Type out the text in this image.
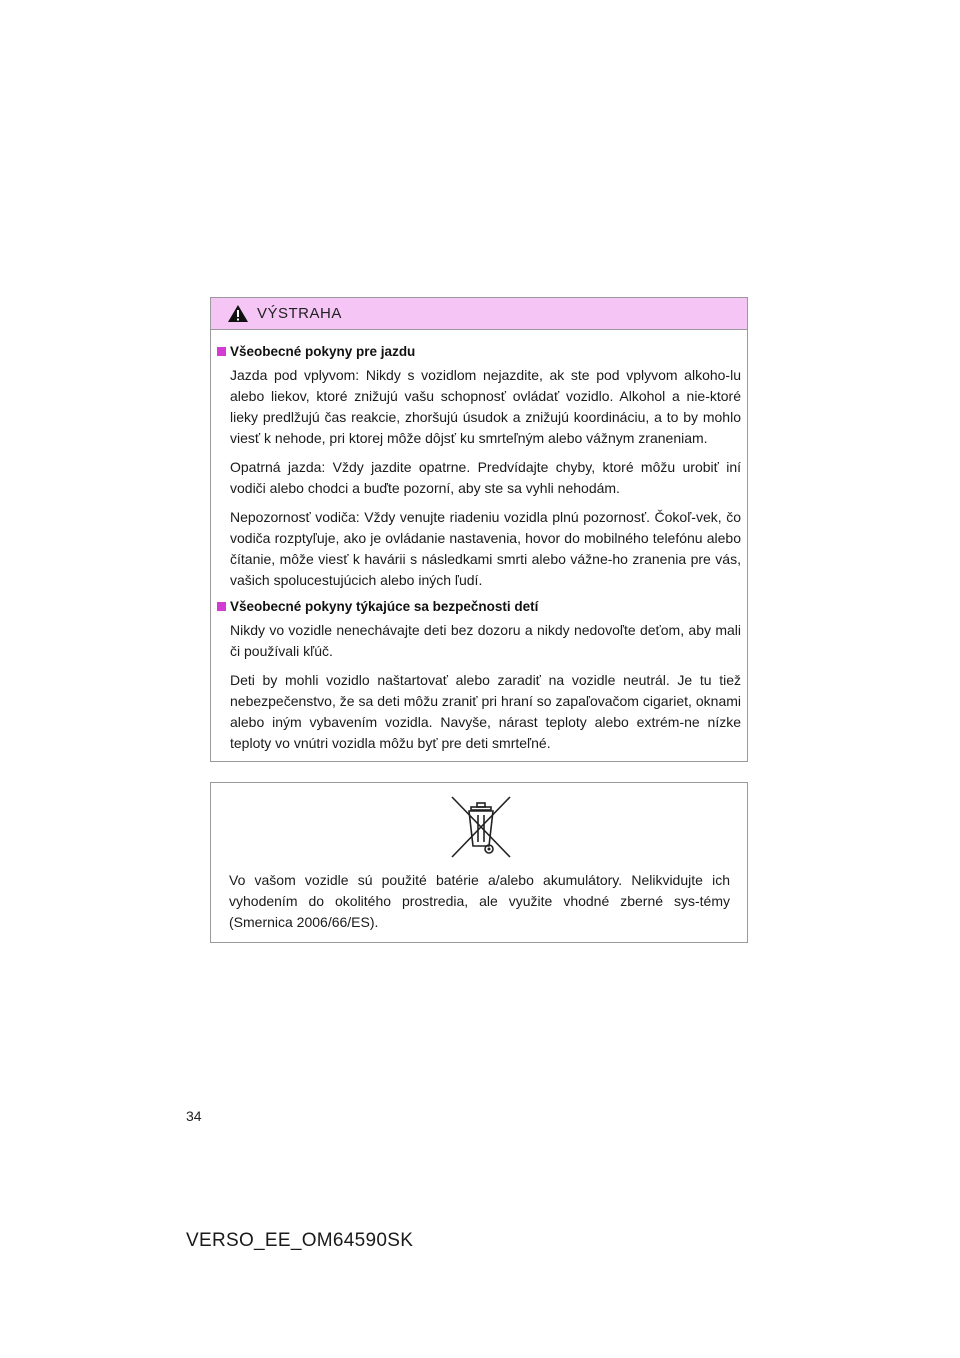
VÝSTRAHA
Všeobecné pokyny pre jazdu

Jazda pod vplyvom: Nikdy s vozidlom nejazdite, ak ste pod vplyvom alkoho-lu alebo liekov, ktoré znižujú vašu schopnosť ovládať vozidlo. Alkohol a nie-ktoré lieky predlžujú čas reakcie, zhoršujú úsudok a znižujú koordináciu, a to by mohlo viesť k nehode, pri ktorej môže dôjsť ku smrteľným alebo vážnym zraneniam.

Opatrná jazda: Vždy jazdite opatrne. Predvídajte chyby, ktoré môžu urobiť iní vodiči alebo chodci a buďte pozorní, aby ste sa vyhli nehodám.

Nepozornosť vodiča: Vždy venujte riadeniu vozidla plnú pozornosť. Čokoľ-vek, čo vodiča rozptyľuje, ako je ovládanie nastavenia, hovor do mobilného telefónu alebo čítanie, môže viesť k havárii s následkami smrti alebo vážne-ho zranenia pre vás, vašich spolucestujúcich alebo iných ľudí.

Všeobecné pokyny týkajúce sa bezpečnosti detí

Nikdy vo vozidle nenechávajte deti bez dozoru a nikdy nedovoľte deťom, aby mali či používali kľúč.

Deti by mohli vozidlo naštartovať alebo zaradiť na vozidle neutrál. Je tu tiež nebezpečenstvo, že sa deti môžu zraniť pri hraní so zapaľovačom cigariet, oknami alebo iným vybavením vozidla. Navyše, nárast teploty alebo extrém-ne nízke teploty vo vnútri vozidla môžu byť pre deti smrteľné.

Vo vašom vozidle sú použité batérie a/alebo akumulátory. Nelikvidujte ich vyhodením do okolitého prostredia, ale využite vhodné zberné sys-témy (Smernica 2006/66/ES).

34
VERSO_EE_OM64590SK
